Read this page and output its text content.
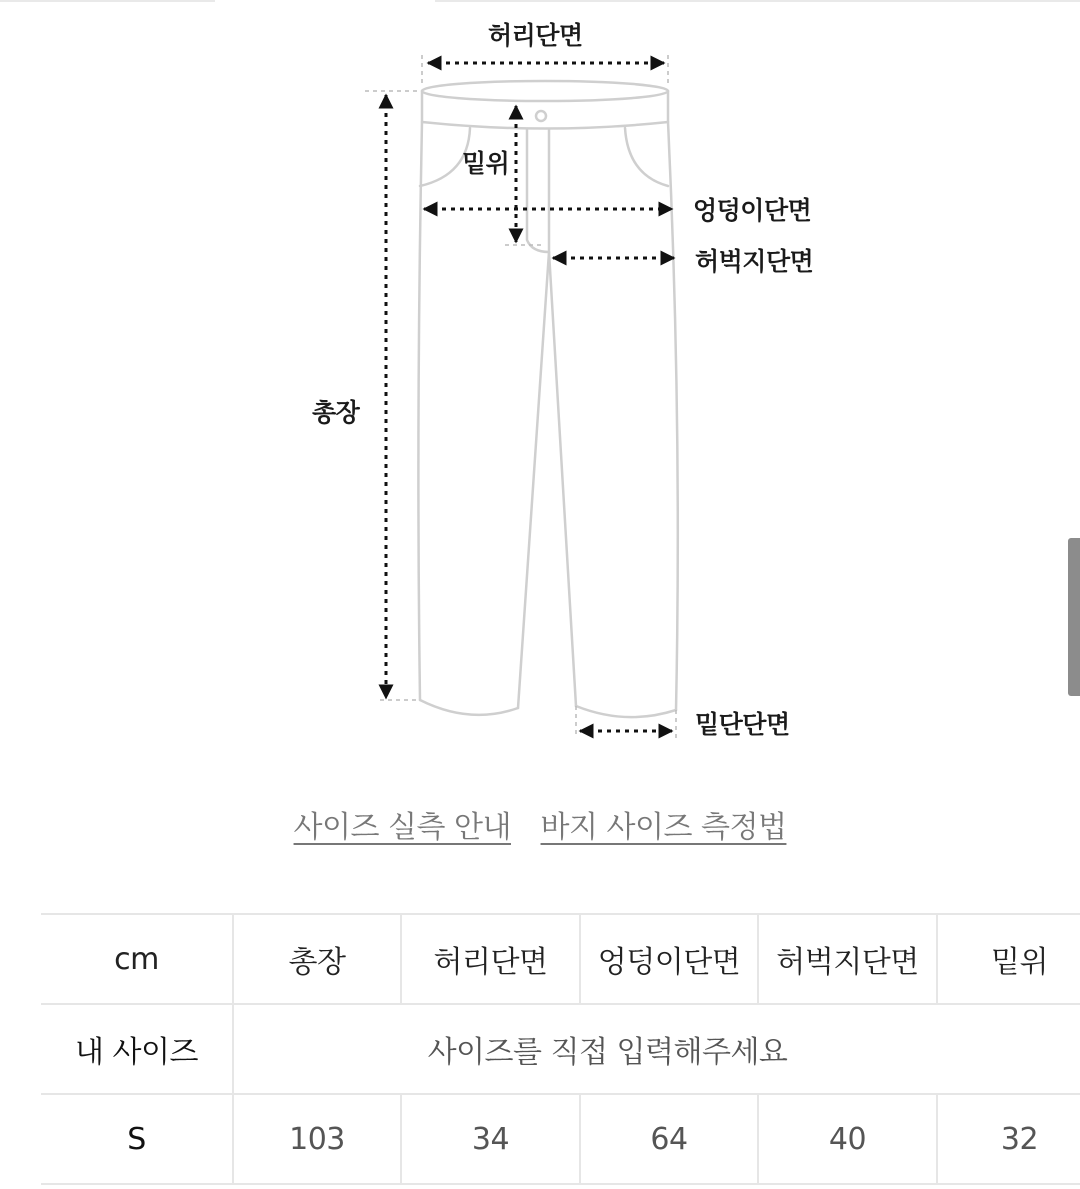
허리단면
밑위
엉덩이단면
허벅지단면
총장
밑단단면
사이즈 실측 안내 바지 사이즈 측정법
cm	총장	허리단면	엉덩이단면	허벅지단면	밑위
내 사이즈	사이즈를 직접 입력해주세요				
S	103	34	64	40	32
